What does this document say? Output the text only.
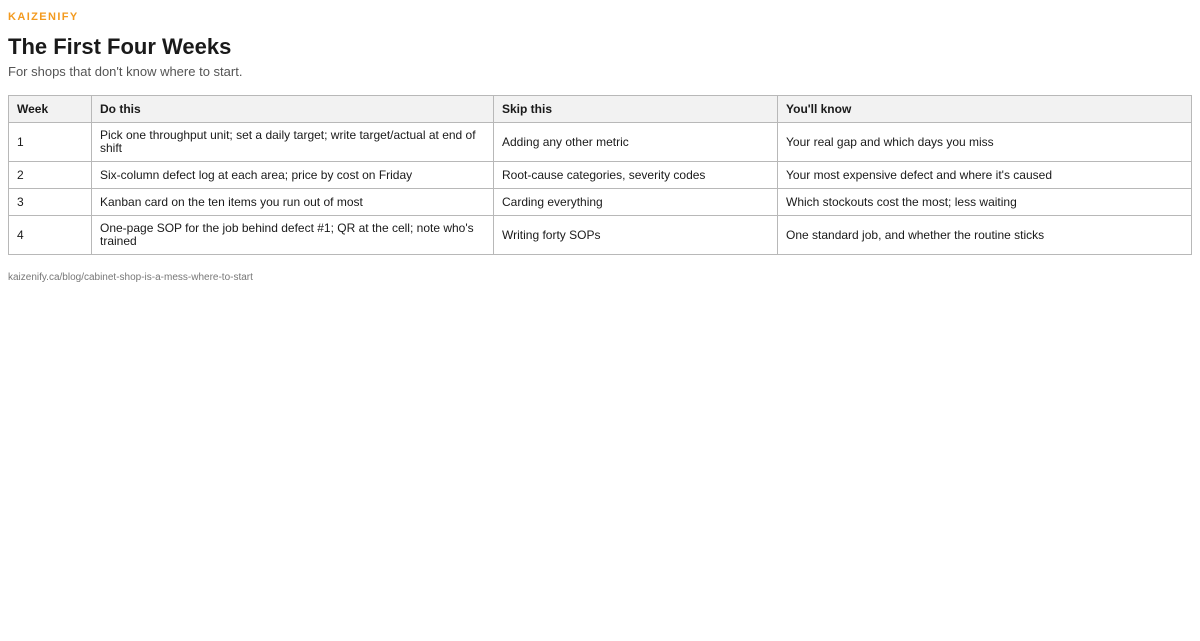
KAIZENIFY
The First Four Weeks
For shops that don't know where to start.
Week	Do this	Skip this	You'll know
1	Pick one throughput unit; set a daily target; write target/actual at end of shift	Adding any other metric	Your real gap and which days you miss
2	Six-column defect log at each area; price by cost on Friday	Root-cause categories, severity codes	Your most expensive defect and where it's caused
3	Kanban card on the ten items you run out of most	Carding everything	Which stockouts cost the most; less waiting
4	One-page SOP for the job behind defect #1; QR at the cell; note who's trained	Writing forty SOPs	One standard job, and whether the routine sticks
kaizenify.ca/blog/cabinet-shop-is-a-mess-where-to-start
